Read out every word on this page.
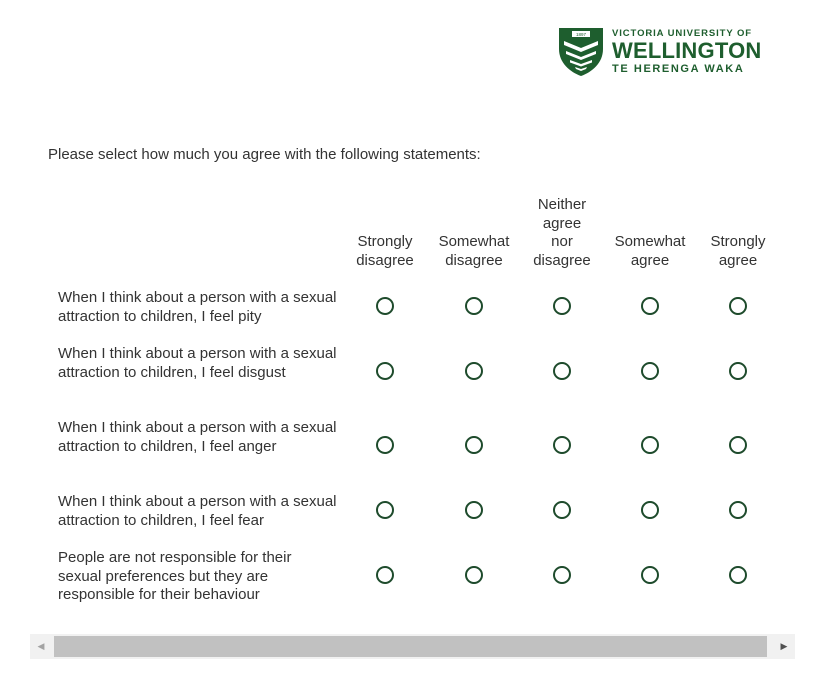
1897	VICTORIA UNIVERSITY OF
WELLINGTON
TE HERENGA WAKA
Please select how much you agree with the following statements:
Strongly
disagree
Somewhat
disagree
Neither
agree
nor
disagree
Somewhat
agree
Strongly
agree
When I think about a person with a sexual attraction to children, I feel pity
When I think about a person with a sexual attraction to children, I feel disgust
When I think about a person with a sexual attraction to children, I feel anger
When I think about a person with a sexual attraction to children, I feel fear
People are not responsible for their sexual preferences but they are responsible for their behaviour
◀	▶
